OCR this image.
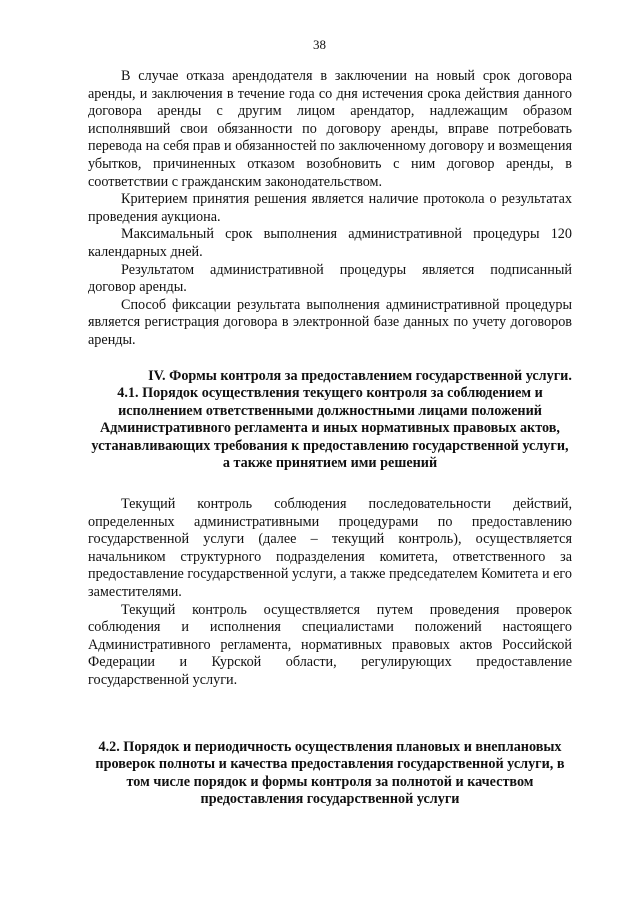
38

В случае отказа арендодателя в заключении на новый срок договора аренды, и заключения в течение года со дня истечения срока действия данного договора аренды с другим лицом арендатор, надлежащим образом исполнявший свои обязанности по договору аренды, вправе потребовать перевода на себя прав и обязанностей по заключенному договору и возмещения убытков, причиненных отказом возобновить с ним договор аренды, в соответствии с гражданским законодательством.

Критерием принятия решения является наличие протокола о результатах проведения аукциона.

Максимальный срок выполнения административной процедуры 120 календарных дней.

Результатом административной процедуры является подписанный договор аренды.

Способ фиксации результата выполнения административной процедуры является регистрация договора в электронной базе данных по учету договоров аренды.

IV. Формы контроля за предоставлением государственной услуги.

4.1. Порядок осуществления текущего контроля за соблюдением и исполнением ответственными должностными лицами положений Административного регламента и иных нормативных правовых актов, устанавливающих требования к предоставлению государственной услуги, а также принятием ими решений

Текущий контроль соблюдения последовательности действий, определенных административными процедурами по предоставлению государственной услуги (далее – текущий контроль), осуществляется начальником структурного подразделения комитета, ответственного за предоставление государственной услуги, а также председателем Комитета и его заместителями.

Текущий контроль осуществляется путем проведения проверок соблюдения и исполнения специалистами положений настоящего Административного регламента, нормативных правовых актов Российской Федерации и Курской области, регулирующих предоставление государственной услуги.

4.2. Порядок и периодичность осуществления плановых и внеплановых проверок полноты и качества предоставления государственной услуги, в том числе порядок и формы контроля за полнотой и качеством предоставления государственной услуги
